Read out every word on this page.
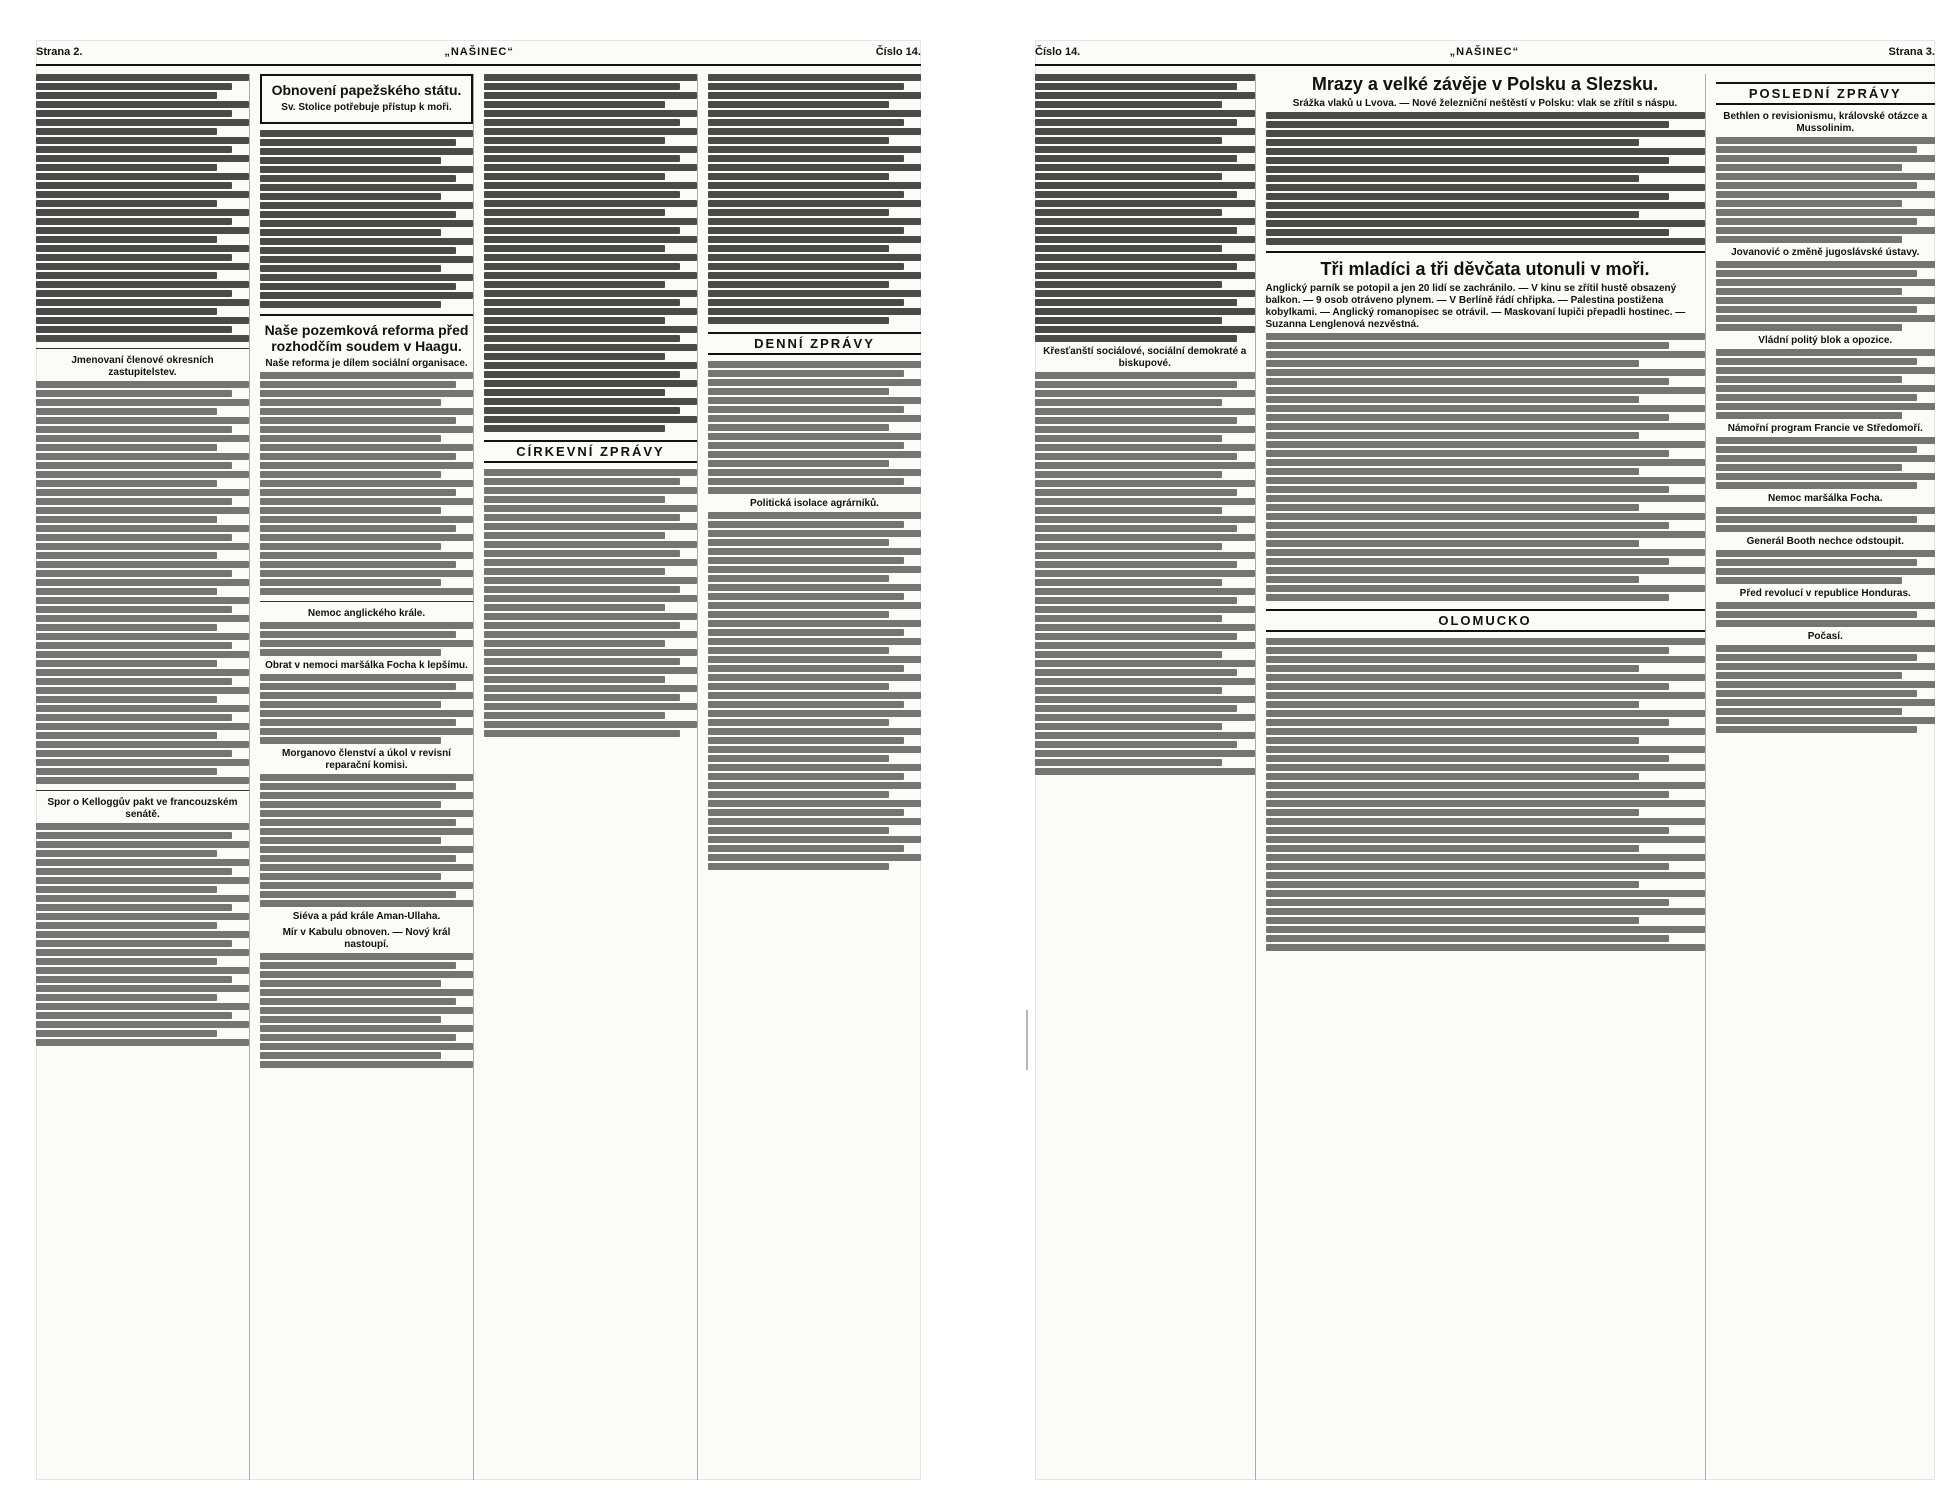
Strana 2.	„NAŠINEC“	Číslo 14.
Jmenovaní členové okresních zastupitelstev.
Spor o Kelloggův pakt ve francouzském senátě.
Obnovení papežského státu.
Sv. Stolice potřebuje přístup k moři.
Naše pozemková reforma před rozhodčím soudem v Haagu.
Naše reforma je dílem sociální organisace.
Nemoc anglického krále.
Obrat v nemoci maršálka Focha k lepšímu.
Morganovo členství a úkol v revisní reparační komisi.
Siéva a pád krále Aman-Ullaha.
Mír v Kabulu obnoven. — Nový král nastoupí.
CÍRKEVNÍ ZPRÁVY
DENNÍ ZPRÁVY
Politická isolace agrárníků.
Číslo 14.	„NAŠINEC“	Strana 3.
Křesťanští sociálové, sociální demokraté a biskupové.
Mrazy a velké závěje v Polsku a Slezsku.
Srážka vlaků u Lvova. — Nové železniční neštěstí v Polsku: vlak se zřítil s náspu.
Tři mladíci a tři děvčata utonuli v moři.
Anglický parník se potopil a jen 20 lidí se zachránilo. — V kinu se zřítil hustě obsazený balkon. — 9 osob otráveno plynem. — V Berlíně řádí chřipka. — Palestina postižena kobylkami. — Anglický romanopisec se otrávil. — Maskovaní lupiči přepadli hostinec. — Suzanna Lenglenová nezvěstná.
OLOMUCKO
POSLEDNÍ ZPRÁVY
Bethlen o revisionismu, královské otázce a Mussolinim.
Jovanović o změně jugoslávské ústavy.
Vládní politý blok a opozice.
Námořní program Francie ve Středomoří.
Nemoc maršálka Focha.
Generál Booth nechce odstoupit.
Před revolucí v republice Honduras.
Počasí.
